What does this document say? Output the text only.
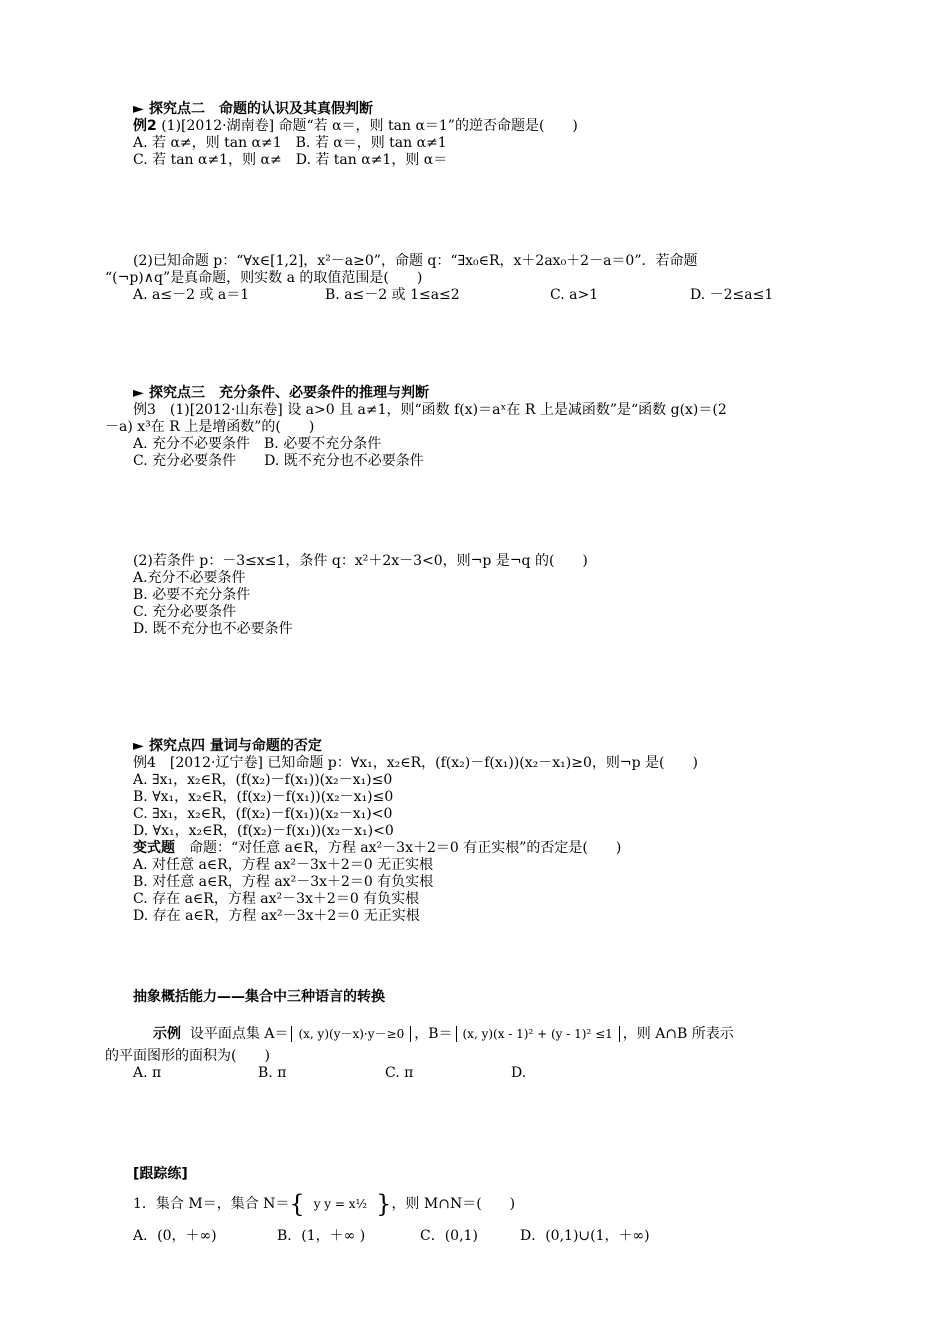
► 探究点二　命题的认识及其真假判断
例2 (1)[2012·湖南卷] 命题“若 α＝，则 tan α＝1”的逆否命题是(　　)
A. 若 α≠，则 tan α≠1　B. 若 α＝，则 tan α≠1
C. 若 tan α≠1，则 α≠　D. 若 tan α≠1，则 α＝
(2)已知命题 p：“∀x∈[1,2]，x²－a≥0”，命题 q：“∃x₀∈R，x＋2ax₀＋2－a＝0”．若命题
“(¬p)∧q”是真命题，则实数 a 的取值范围是(　　)
A. a≤－2 或 a＝1	B. a≤－2 或 1≤a≤2	C. a>1	D. －2≤a≤1
► 探究点三　充分条件、必要条件的推理与判断
例3　(1)[2012·山东卷] 设 a>0 且 a≠1，则“函数 f(x)＝aˣ在 R 上是减函数”是“函数 g(x)＝(2
－a) x³在 R 上是增函数”的(　　)
A. 充分不必要条件　B. 必要不充分条件
C. 充分必要条件　　D. 既不充分也不必要条件
(2)若条件 p：－3≤x≤1，条件 q：x²＋2x－3<0，则¬p 是¬q 的(　　)
A.充分不必要条件
B. 必要不充分条件
C. 充分必要条件
D. 既不充分也不必要条件
► 探究点四 量词与命题的否定
例4　[2012·辽宁卷] 已知命题 p：∀x₁，x₂∈R，(f(x₂)－f(x₁))(x₂－x₁)≥0，则¬p 是(　　)
A. ∃x₁，x₂∈R，(f(x₂)－f(x₁))(x₂－x₁)≤0
B. ∀x₁，x₂∈R，(f(x₂)－f(x₁))(x₂－x₁)≤0
C. ∃x₁，x₂∈R，(f(x₂)－f(x₁))(x₂－x₁)<0
D. ∀x₁，x₂∈R，(f(x₂)－f(x₁))(x₂－x₁)<0
变式题　命题：“对任意 a∈R，方程 ax²－3x＋2＝0 有正实根”的否定是(　　)
A. 对任意 a∈R，方程 ax²－3x＋2＝0 无正实根
B. 对任意 a∈R，方程 ax²－3x＋2＝0 有负实根
C. 存在 a∈R，方程 ax²－3x＋2＝0 有负实根
D. 存在 a∈R，方程 ax²－3x＋2＝0 无正实根
抽象概括能力——集合中三种语言的转换
示例 设平面点集 A＝ (x, y)(y－x)·y－≥0 ，B＝ (x, y)(x - 1)² + (y - 1)² ≤1 ，则 A∩B 所表示
的平面图形的面积为(　　)
A. π	B. π	C. π	D.
[跟踪练]
1．集合 M＝，集合 N＝{ y y = x½ }，则 M∩N＝(　　)
A．(0，＋∞)	B．(1，＋∞ )	C．(0,1)	D．(0,1)∪(1，＋∞)
